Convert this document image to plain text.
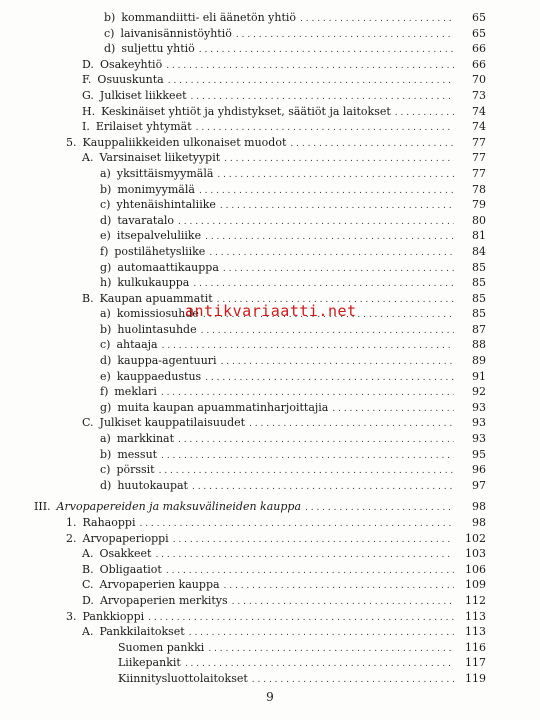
b) kommandiitti- eli äänetön yhtiö . . .	65
c) laivanisännistöyhtiö . . .	65
d) suljettu yhtiö . . .	66
D. Osakeyhtiö . . .	66
F. Osuuskunta . . .	70
G. Julkiset liikkeet . . .	73
H. Keskinäiset yhtiöt ja yhdistykset, säätiöt ja laitokset . . .	74
I. Erilaiset yhtymät . . .	74
5. Kauppaliikkeiden ulkonaiset muodot . . .	77
A. Varsinaiset liiketyypit . . .	77
a) yksittäismyymälä . . .	77
b) monimyymälä . . .	78
c) yhtenäishintaliike . . .	79
d) tavaratalo . . .	80
e) itsepalveluliike . . .	81
f) postilähetysliike . . .	84
g) automaattikauppa . . .	85
h) kulkukauppa . . .	85
B. Kaupan apuammatit . . .	85
a) komissiosuhde . . .	85
b) huolintasuhde . . .	87
c) ahtaaja . . .	88
d) kauppa-agentuuri . . .	89
e) kauppaedustus . . .	91
f) meklari . . .	92
g) muita kaupan apuammatinharjoittajia . . .	93
C. Julkiset kauppatilaisuudet . . .	93
a) markkinat . . .	93
b) messut . . .	95
c) pörssit . . .	96
d) huutokaupat . . .	97
III. Arvopapereiden ja maksuvälineiden kauppa . . .	98
1. Rahaoppi . . .	98
2. Arvopaperioppi . . .	102
A. Osakkeet . . .	103
B. Obligaatiot . . .	106
C. Arvopaperien kauppa . . .	109
D. Arvopaperien merkitys . . .	112
3. Pankkioppi . . .	113
A. Pankkilaitokset . . .	113
Suomen pankki . . .	116
Liikepankit . . .	117
Kiinnitysluottolaitokset . . .	119
antikvariaatti.net
9
